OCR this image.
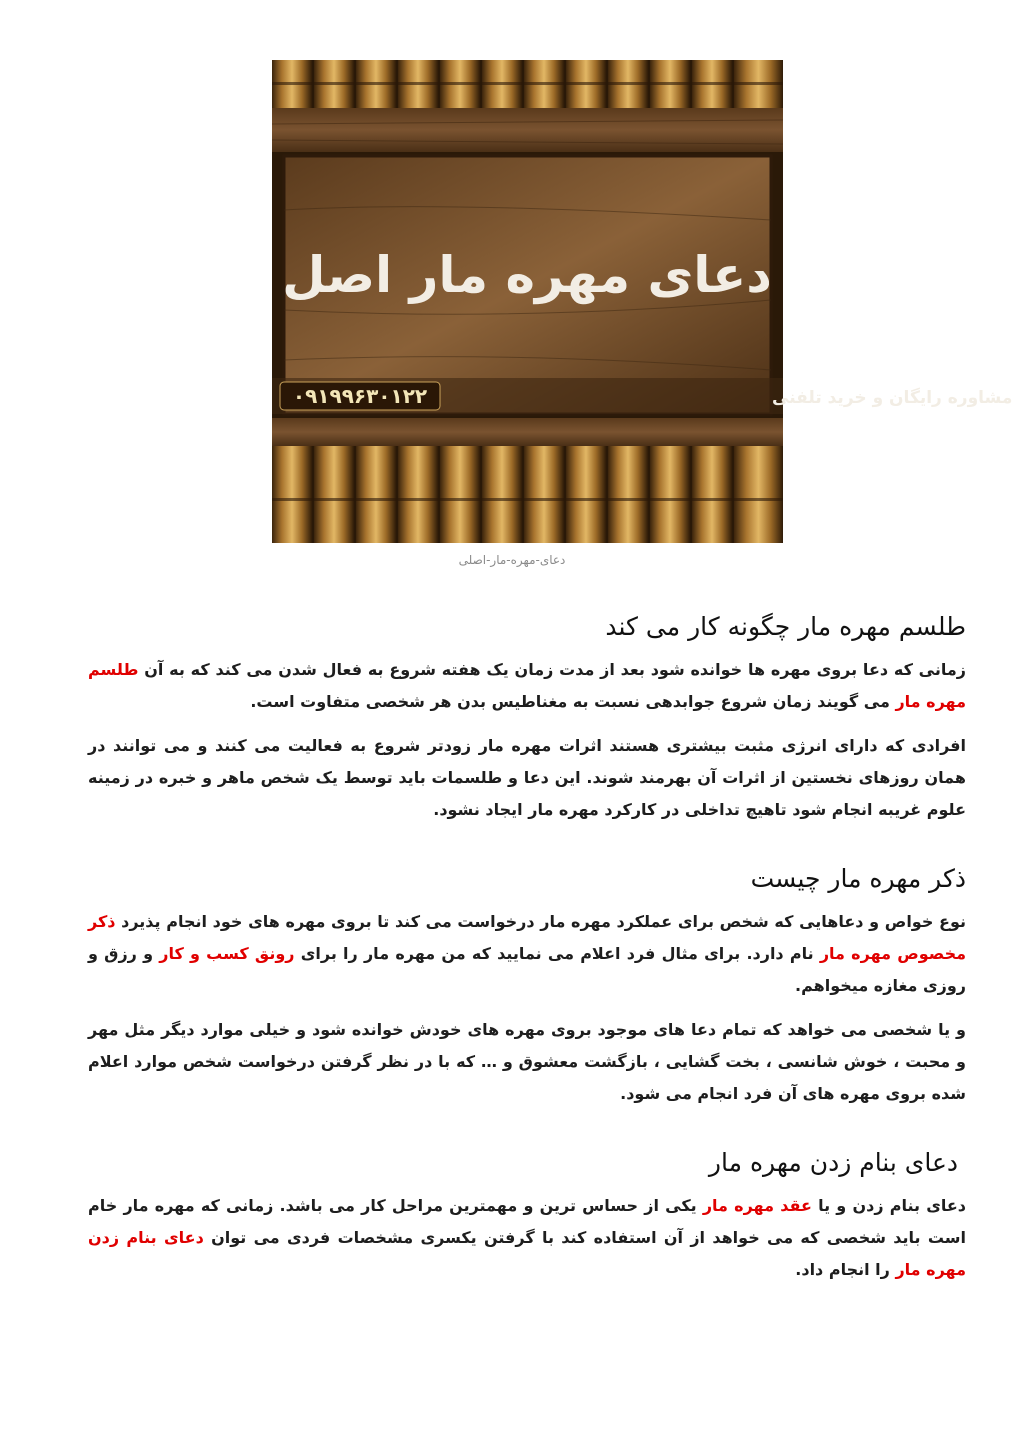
دعای مهره مار اصل
۰۹۱۹۹۶۳۰۱۲۲	مشاوره رایگان و خرید تلفنی
دعای-مهره-مار-اصلی
طلسم مهره مار چگونه کار می کند

زمانی که دعا بروی مهره ها خوانده شود بعد از مدت زمان یک هفته شروع به فعال شدن می کند که به آن طلسم مهره مار می گویند زمان شروع جوابدهی نسبت به مغناطیس بدن هر شخصی متفاوت است.

افرادی که دارای انرژی مثبت بیشتری هستند اثرات مهره مار زودتر شروع به فعالیت می کنند و می توانند در همان روزهای نخستین از اثرات آن بهرمند شوند. این دعا و طلسمات باید توسط یک شخص ماهر و خبره در زمینه علوم غریبه انجام شود تاهیچ تداخلی در کارکرد مهره مار ایجاد نشود.

ذکر مهره مار چیست

نوع خواص و دعاهایی که شخص برای عملکرد مهره مار درخواست می کند تا بروی مهره های خود انجام پذیرد ذکر مخصوص مهره مار نام دارد. برای مثال فرد اعلام می نمایید که من مهره مار را برای رونق کسب و کار و رزق و روزی مغازه میخواهم.

و یا شخصی می خواهد که تمام دعا های موجود بروی مهره های خودش خوانده شود و خیلی موارد دیگر مثل مهر و محبت ، خوش شانسی ، بخت گشایی ، بازگشت معشوق و … که با در نظر گرفتن درخواست شخص موارد اعلام شده بروی مهره های آن فرد انجام می شود.

دعای بنام زدن مهره مار

دعای بنام زدن و یا عقد مهره مار یکی از حساس ترین و مهمترین مراحل کار می باشد. زمانی که مهره مار خام است باید شخصی که می خواهد از آن استفاده کند با گرفتن یکسری مشخصات فردی می توان دعای بنام زدن مهره مار را انجام داد.
